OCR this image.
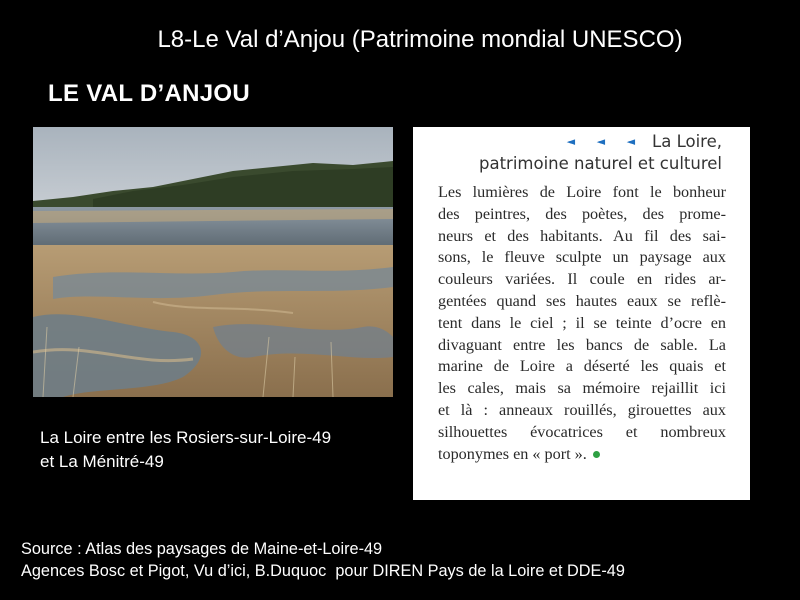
L8-Le Val d’Anjou (Patrimoine mondial UNESCO)
LE VAL D’ANJOU
La Loire entre les Rosiers-sur-Loire-49
et La Ménitré-49
◄ ◄ ◄ La Loire,
patrimoine naturel et culturel
Les lumières de Loire font le bonheur
des peintres, des poètes, des prome-
neurs et des habitants. Au fil des sai-
sons, le fleuve sculpte un paysage aux
couleurs variées. Il coule en rides ar-
gentées quand ses hautes eaux se reflè-
tent dans le ciel ; il se teinte d’ocre en
divaguant entre les bancs de sable. La
marine de Loire a déserté les quais et
les cales, mais sa mémoire rejaillit ici
et là : anneaux rouillés, girouettes aux
silhouettes évocatrices et nombreux
toponymes en « port ».
Source : Atlas des paysages de Maine-et-Loire-49
Agences Bosc et Pigot, Vu d’ici, B.Duquoc  pour DIREN Pays de la Loire et DDE-49
